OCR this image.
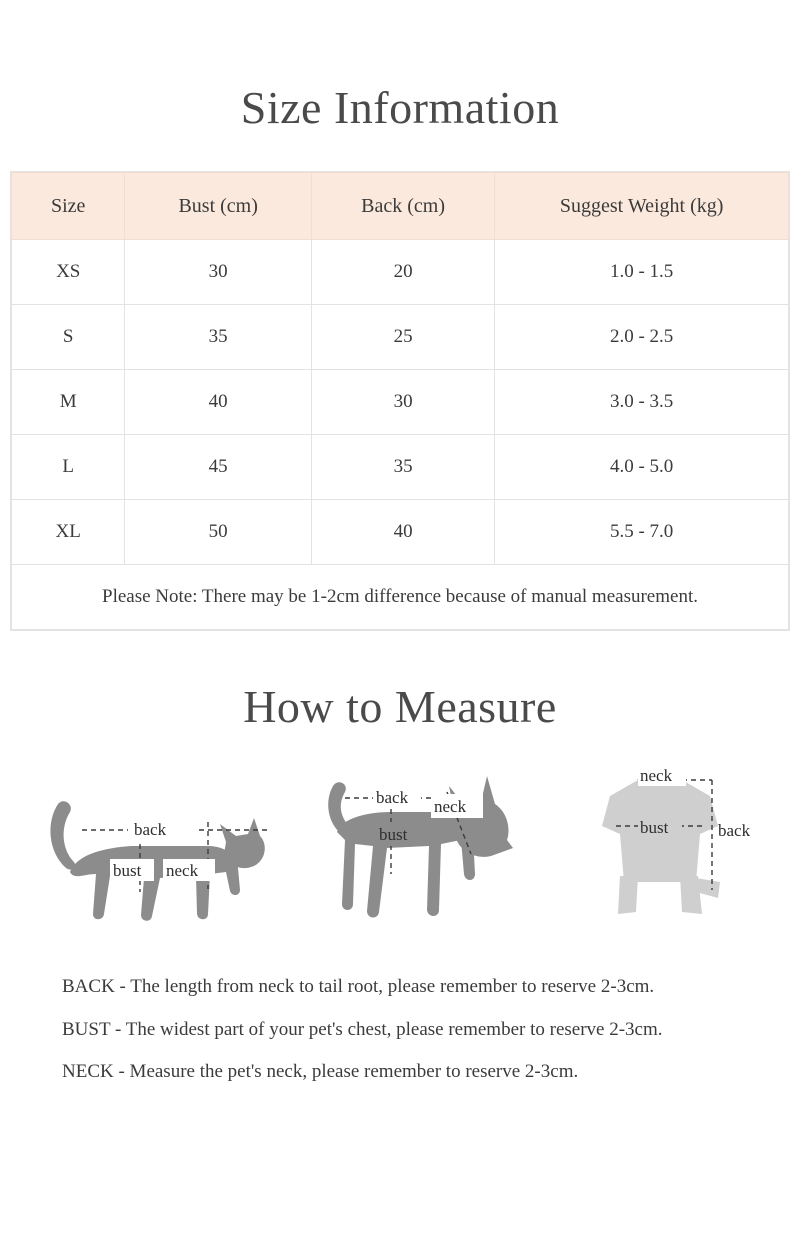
Size Information
Size	Bust (cm)	Back (cm)	Suggest Weight (kg)
XS	30	20	1.0 - 1.5
S	35	25	2.0 - 2.5
M	40	30	3.0 - 3.5
L	45	35	4.0 - 5.0
XL	50	40	5.5 - 7.0
Please Note: There may be 1-2cm difference because of manual measurement.			
How to Measure
back
bust neck
back neck
bust
neck
bust	back

BACK - The length from neck to tail root, please remember to reserve 2-3cm.

BUST - The widest part of your pet's chest, please remember to reserve 2-3cm.

NECK - Measure the pet's neck, please remember to reserve 2-3cm.
